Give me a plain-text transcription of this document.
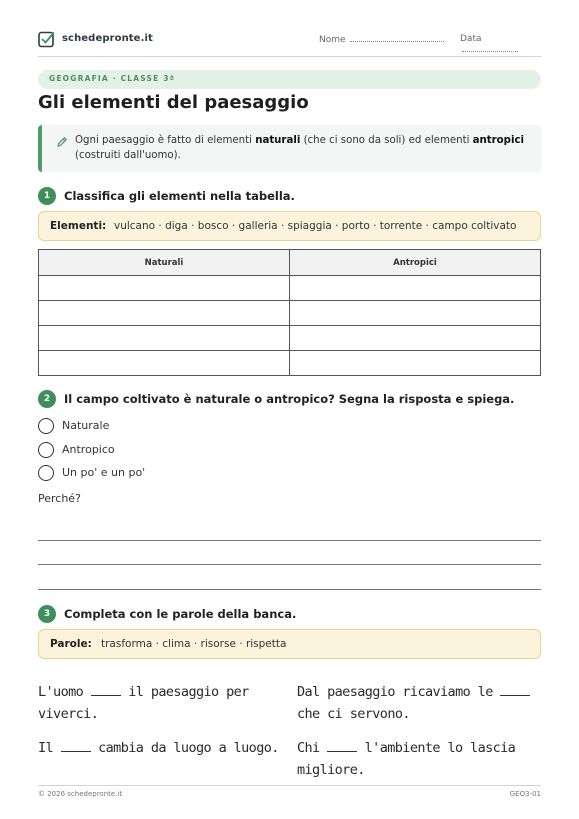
schedepronte.it	Nome	Data
GEOGRAFIA · CLASSE 3ª
Gli elementi del paesaggio
Ogni paesaggio è fatto di elementi naturali (che ci sono da soli) ed elementi antropici (costruiti dall'uomo).
1	Classifica gli elementi nella tabella.
Elementi: vulcano · diga · bosco · galleria · spiaggia · porto · torrente · campo coltivato
Naturali	Antropici

2	Il campo coltivato è naturale o antropico? Segna la risposta e spiega.
Naturale
Antropico
Un po' e un po'
Perché?
3	Completa con le parole della banca.
Parole: trasforma · clima · risorse · rispetta
L'uomo  il paesaggio per viverci.
Dal paesaggio ricaviamo le  che ci servono.
Il  cambia da luogo a luogo.	Chi  l'ambiente lo lascia migliore.
© 2026 schedepronte.it	GEO3-01
